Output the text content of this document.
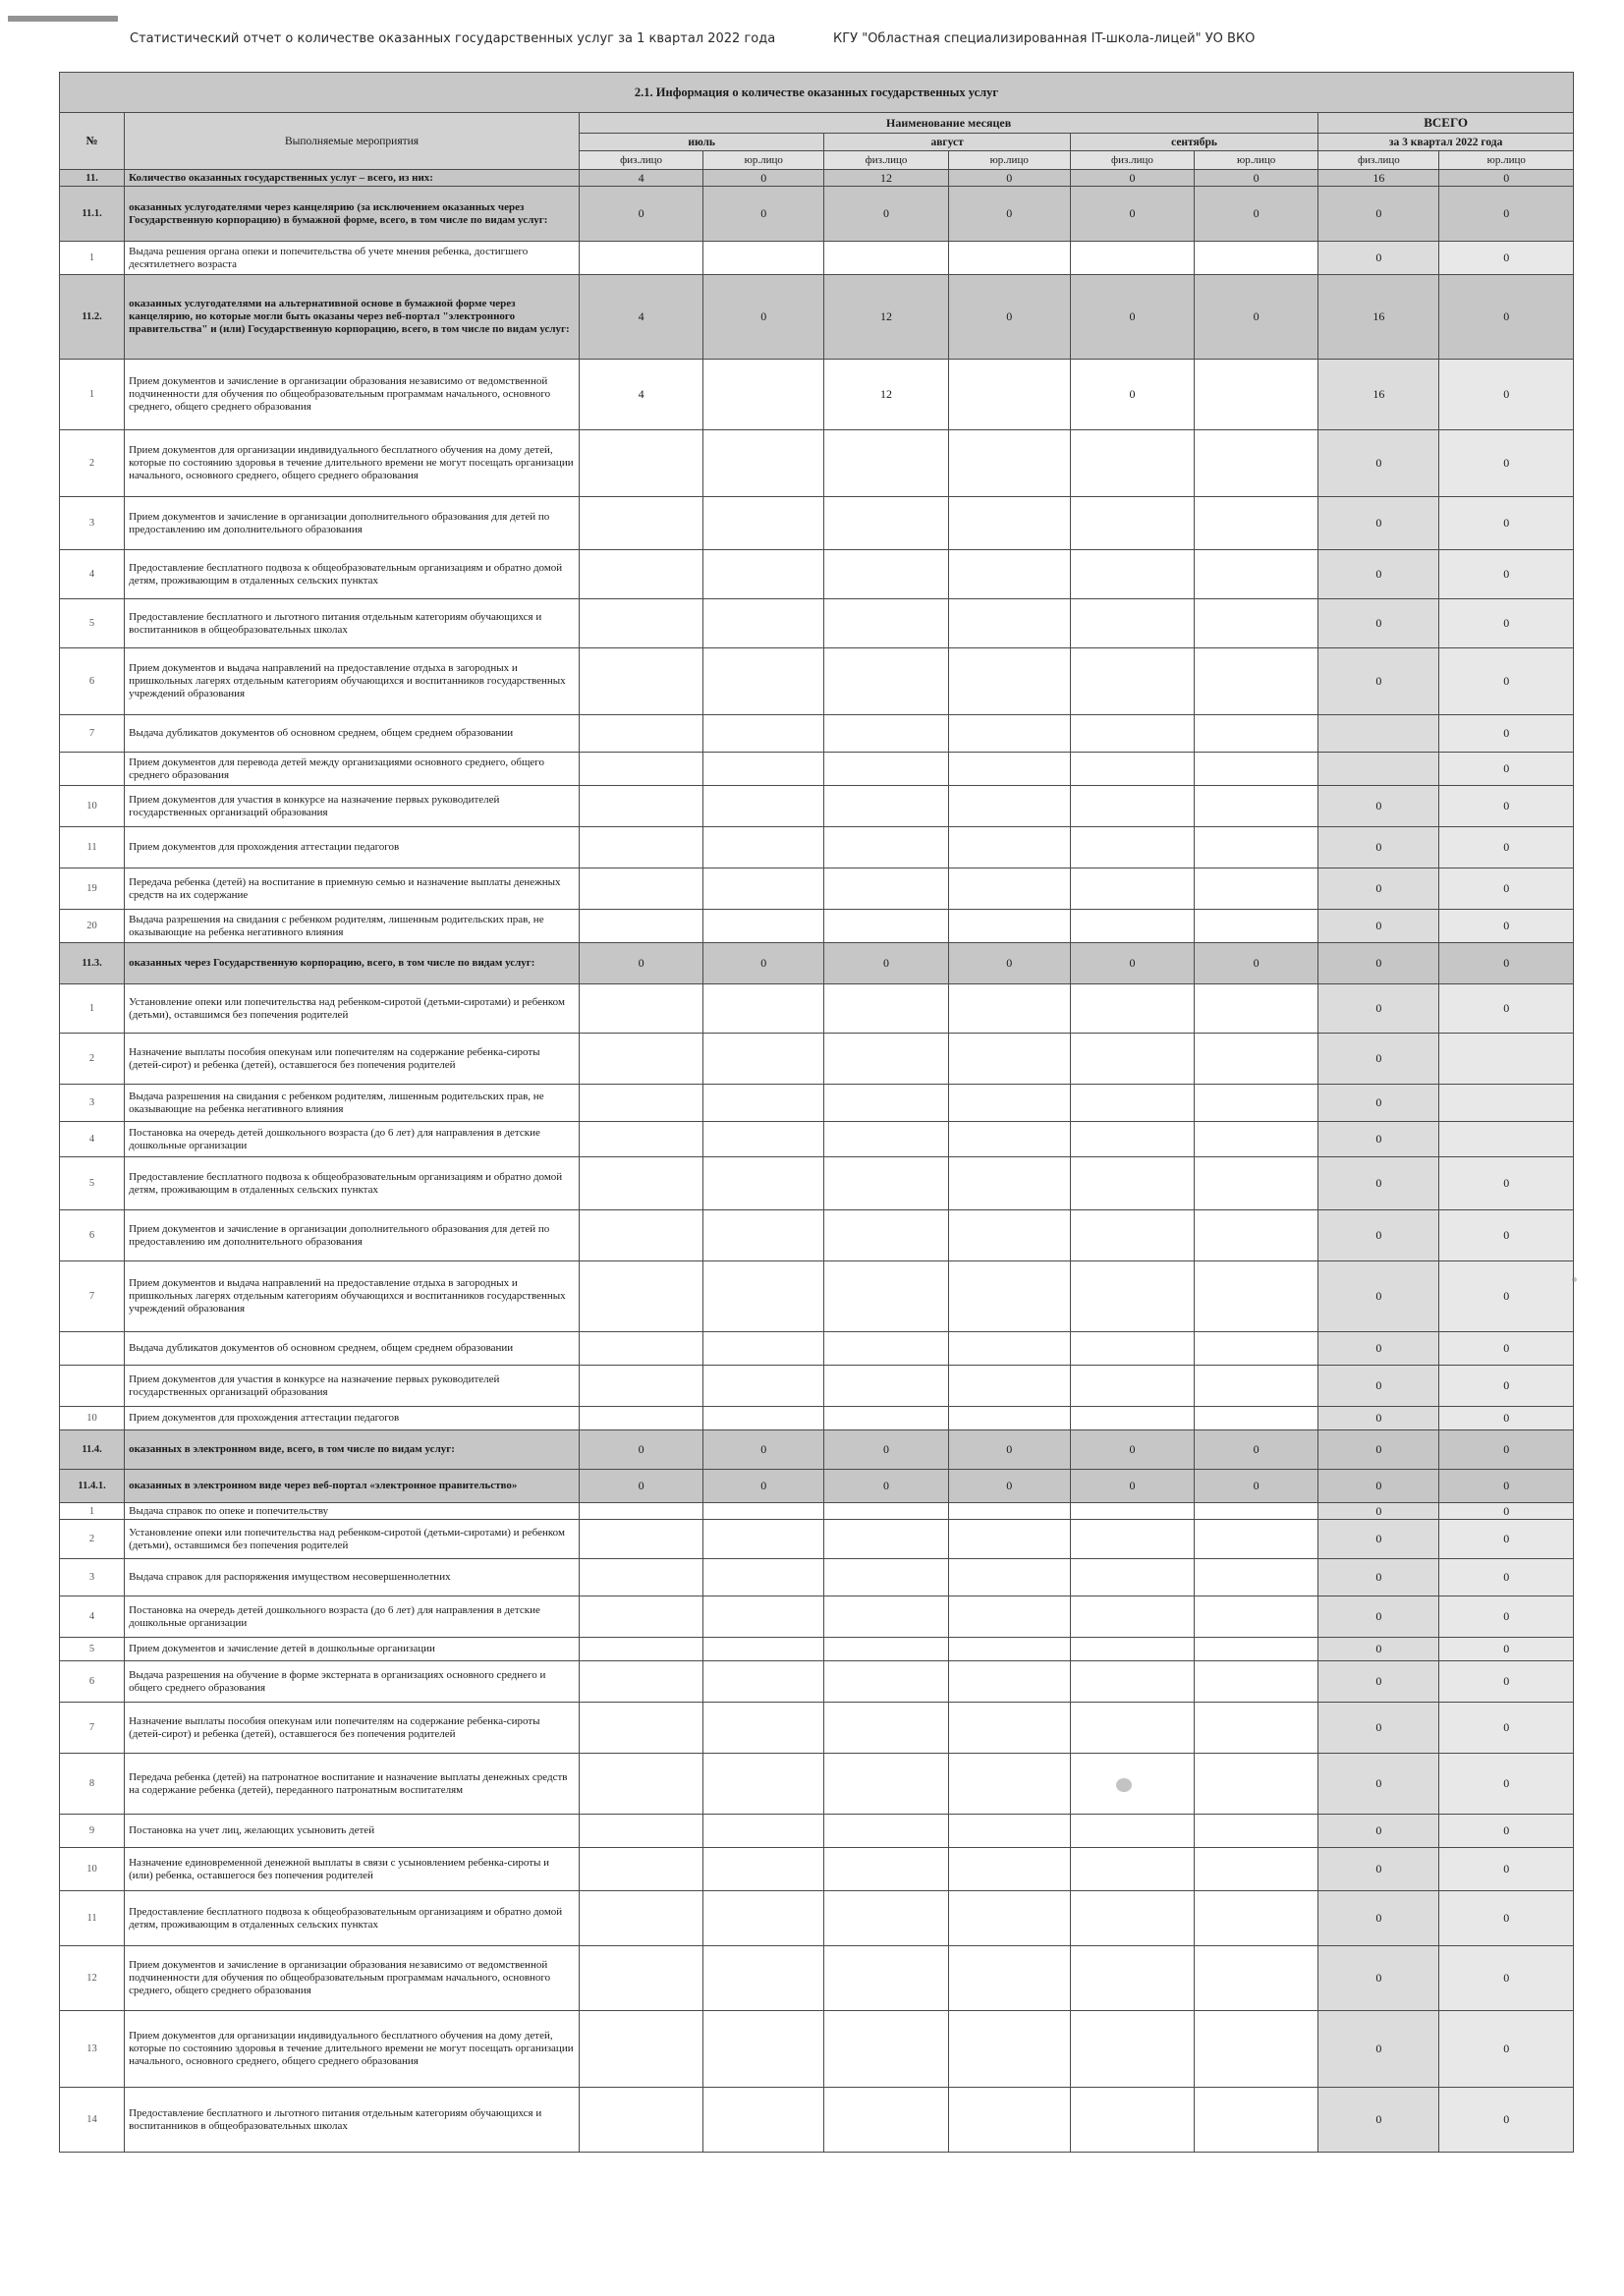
Статистический отчет о количестве оказанных государственных услуг за 1 квартал 2022 года	КГУ "Областная специализированная IT-школа-лицей" УО ВКО
2.1. Информация о количестве оказанных государственных услуг									
№	Выполняемые мероприятия	Наименование месяцев						ВСЕГО	
		июль		август		сентябрь		за 3 квартал 2022 года	
		физ.лицо	юр.лицо	физ.лицо	юр.лицо	физ.лицо	юр.лицо	физ.лицо	юр.лицо
11.	Количество оказанных государственных услуг – всего, из них:	4	0	12	0	0	0	16	0
11.1.	оказанных услугодателями через канцелярию (за исключением оказанных через Государственную корпорацию) в бумажной форме, всего, в том числе по видам услуг:	0	0	0	0	0	0	0	0
1	Выдача решения органа опеки и попечительства об учете мнения ребенка, достигшего десятилетнего возраста							0	0
11.2.	оказанных услугодателями на альтернативной основе в бумажной форме через канцелярию, но которые могли быть оказаны через веб-портал "электронного правительства" и (или) Государственную корпорацию, всего, в том числе по видам услуг:	4	0	12	0	0	0	16	0
1	Прием документов и зачисление в организации образования независимо от ведомственной подчиненности для обучения по общеобразовательным программам начального, основного среднего, общего среднего образования	4		12		0		16	0
2	Прием документов для организации индивидуального бесплатного обучения на дому детей, которые по состоянию здоровья в течение длительного времени не могут посещать организации начального, основного среднего, общего среднего образования							0	0
3	Прием документов и зачисление в организации дополнительного образования для детей по предоставлению им дополнительного образования							0	0
4	Предоставление бесплатного подвоза к общеобразовательным организациям и обратно домой детям, проживающим в отдаленных сельских пунктах							0	0
5	Предоставление бесплатного и льготного питания отдельным категориям обучающихся и воспитанников в общеобразовательных школах							0	0
6	Прием документов и выдача направлений на предоставление отдыха в загородных и пришкольных лагерях отдельным категориям обучающихся и воспитанников государственных учреждений образования							0	0
7	Выдача дубликатов документов об основном среднем, общем среднем образовании								0
	Прием документов для перевода детей между организациями основного среднего, общего среднего образования								0
10	Прием документов для участия в конкурсе на назначение первых руководителей государственных организаций образования							0	0
11	Прием документов для прохождения аттестации педагогов							0	0
19	Передача ребенка (детей) на воспитание в приемную семью и назначение выплаты денежных средств на их содержание							0	0
20	Выдача разрешения на свидания с ребенком родителям, лишенным родительских прав, не оказывающие на ребенка негативного влияния							0	0
11.3.	оказанных через Государственную корпорацию, всего, в том числе по видам услуг:	0	0	0	0	0	0	0	0
1	Установление опеки или попечительства над ребенком-сиротой (детьми-сиротами) и ребенком (детьми), оставшимся без попечения родителей							0	0
2	Назначение выплаты пособия опекунам или попечителям на содержание ребенка-сироты (детей-сирот) и ребенка (детей), оставшегося без попечения родителей							0	
3	Выдача разрешения на свидания с ребенком родителям, лишенным родительских прав, не оказывающие на ребенка негативного влияния							0	
4	Постановка на очередь детей дошкольного возраста (до 6 лет) для направления в детские дошкольные организации							0	
5	Предоставление бесплатного подвоза к общеобразовательным организациям и обратно домой детям, проживающим в отдаленных сельских пунктах							0	0
6	Прием документов и зачисление в организации дополнительного образования для детей по предоставлению им дополнительного образования							0	0
7	Прием документов и выдача направлений на предоставление отдыха в загородных и пришкольных лагерях отдельным категориям обучающихся и воспитанников государственных учреждений образования							0	0
	Выдача дубликатов документов об основном среднем, общем среднем образовании							0	0
	Прием документов для участия в конкурсе на назначение первых руководителей государственных организаций образования							0	0
10	Прием документов для прохождения аттестации педагогов							0	0
11.4.	оказанных в электронном виде, всего, в том числе по видам услуг:	0	0	0	0	0	0	0	0
11.4.1.	оказанных в электронном виде через веб-портал «электронное правительство»	0	0	0	0	0	0	0	0
1	Выдача справок по опеке и попечительству							0	0
2	Установление опеки или попечительства над ребенком-сиротой (детьми-сиротами) и ребенком (детьми), оставшимся без попечения родителей							0	0
3	Выдача справок для распоряжения имуществом несовершеннолетних							0	0
4	Постановка на очередь детей дошкольного возраста (до 6 лет) для направления в детские дошкольные организации							0	0
5	Прием документов и зачисление детей в дошкольные организации							0	0
6	Выдача разрешения на обучение в форме экстерната в организациях основного среднего и общего среднего образования							0	0
7	Назначение выплаты пособия опекунам или попечителям на содержание ребенка-сироты (детей-сирот) и ребенка (детей), оставшегося без попечения родителей							0	0
8	Передача ребенка (детей) на патронатное воспитание и назначение выплаты денежных средств на содержание ребенка (детей), переданного патронатным воспитателям							0	0
9	Постановка на учет лиц, желающих усыновить детей							0	0
10	Назначение единовременной денежной выплаты в связи с усыновлением ребенка-сироты и (или) ребенка, оставшегося без попечения родителей							0	0
11	Предоставление бесплатного подвоза к общеобразовательным организациям и обратно домой детям, проживающим в отдаленных сельских пунктах							0	0
12	Прием документов и зачисление в организации образования независимо от ведомственной подчиненности для обучения по общеобразовательным программам начального, основного среднего, общего среднего образования							0	0
13	Прием документов для организации индивидуального бесплатного обучения на дому детей, которые по состоянию здоровья в течение длительного времени не могут посещать организации начального, основного среднего, общего среднего образования							0	0
14	Предоставление бесплатного и льготного питания отдельным категориям обучающихся и воспитанников в общеобразовательных школах							0	0
